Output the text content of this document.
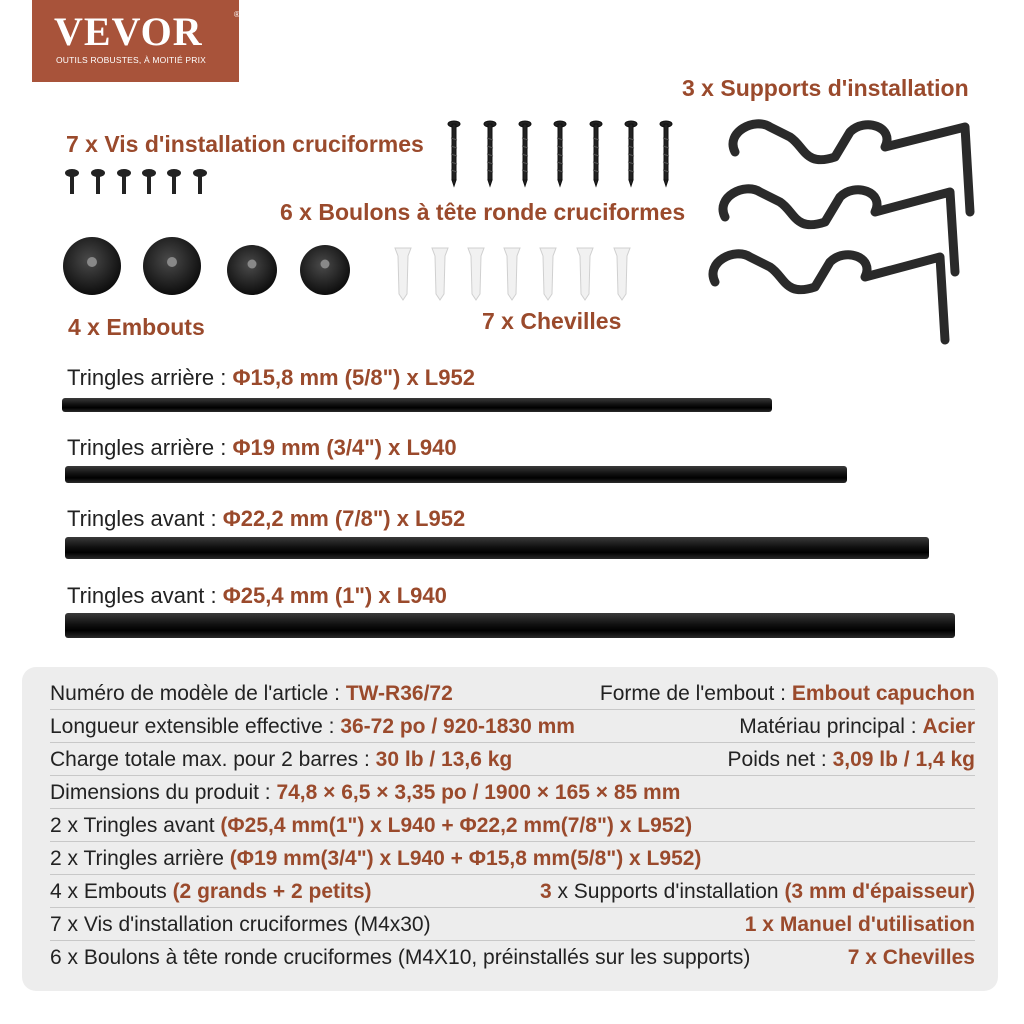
VEVOR	®
OUTILS ROBUSTES, À MOITIÉ PRIX
3 x Supports d'installation
7 x Vis d'installation cruciformes
6 x Boulons à tête ronde cruciformes
4 x Embouts	7 x Chevilles
Tringles arrière : Φ15,8 mm (5/8") x L952
Tringles arrière : Φ19 mm (3/4") x L940
Tringles avant : Φ22,2 mm (7/8") x L952
Tringles avant : Φ25,4 mm (1") x L940
Numéro de modèle de l'article : TW-R36/72	Forme de l'embout : Embout capuchon
Longueur extensible effective : 36-72 po / 920-1830 mm	Matériau principal : Acier
Charge totale max. pour 2 barres : 30 lb / 13,6 kg	Poids net : 3,09 lb / 1,4 kg
Dimensions du produit : 74,8 × 6,5 × 3,35 po / 1900 × 165 × 85 mm
2 x Tringles avant (Φ25,4 mm(1") x L940 + Φ22,2 mm(7/8") x L952)
2 x Tringles arrière (Φ19 mm(3/4") x L940 + Φ15,8 mm(5/8") x L952)
4 x Embouts (2 grands + 2 petits)	3 x Supports d'installation (3 mm d'épaisseur)
7 x Vis d'installation cruciformes (M4x30)	1 x Manuel d'utilisation
6 x Boulons à tête ronde cruciformes (M4X10, préinstallés sur les supports)	7 x Chevilles
